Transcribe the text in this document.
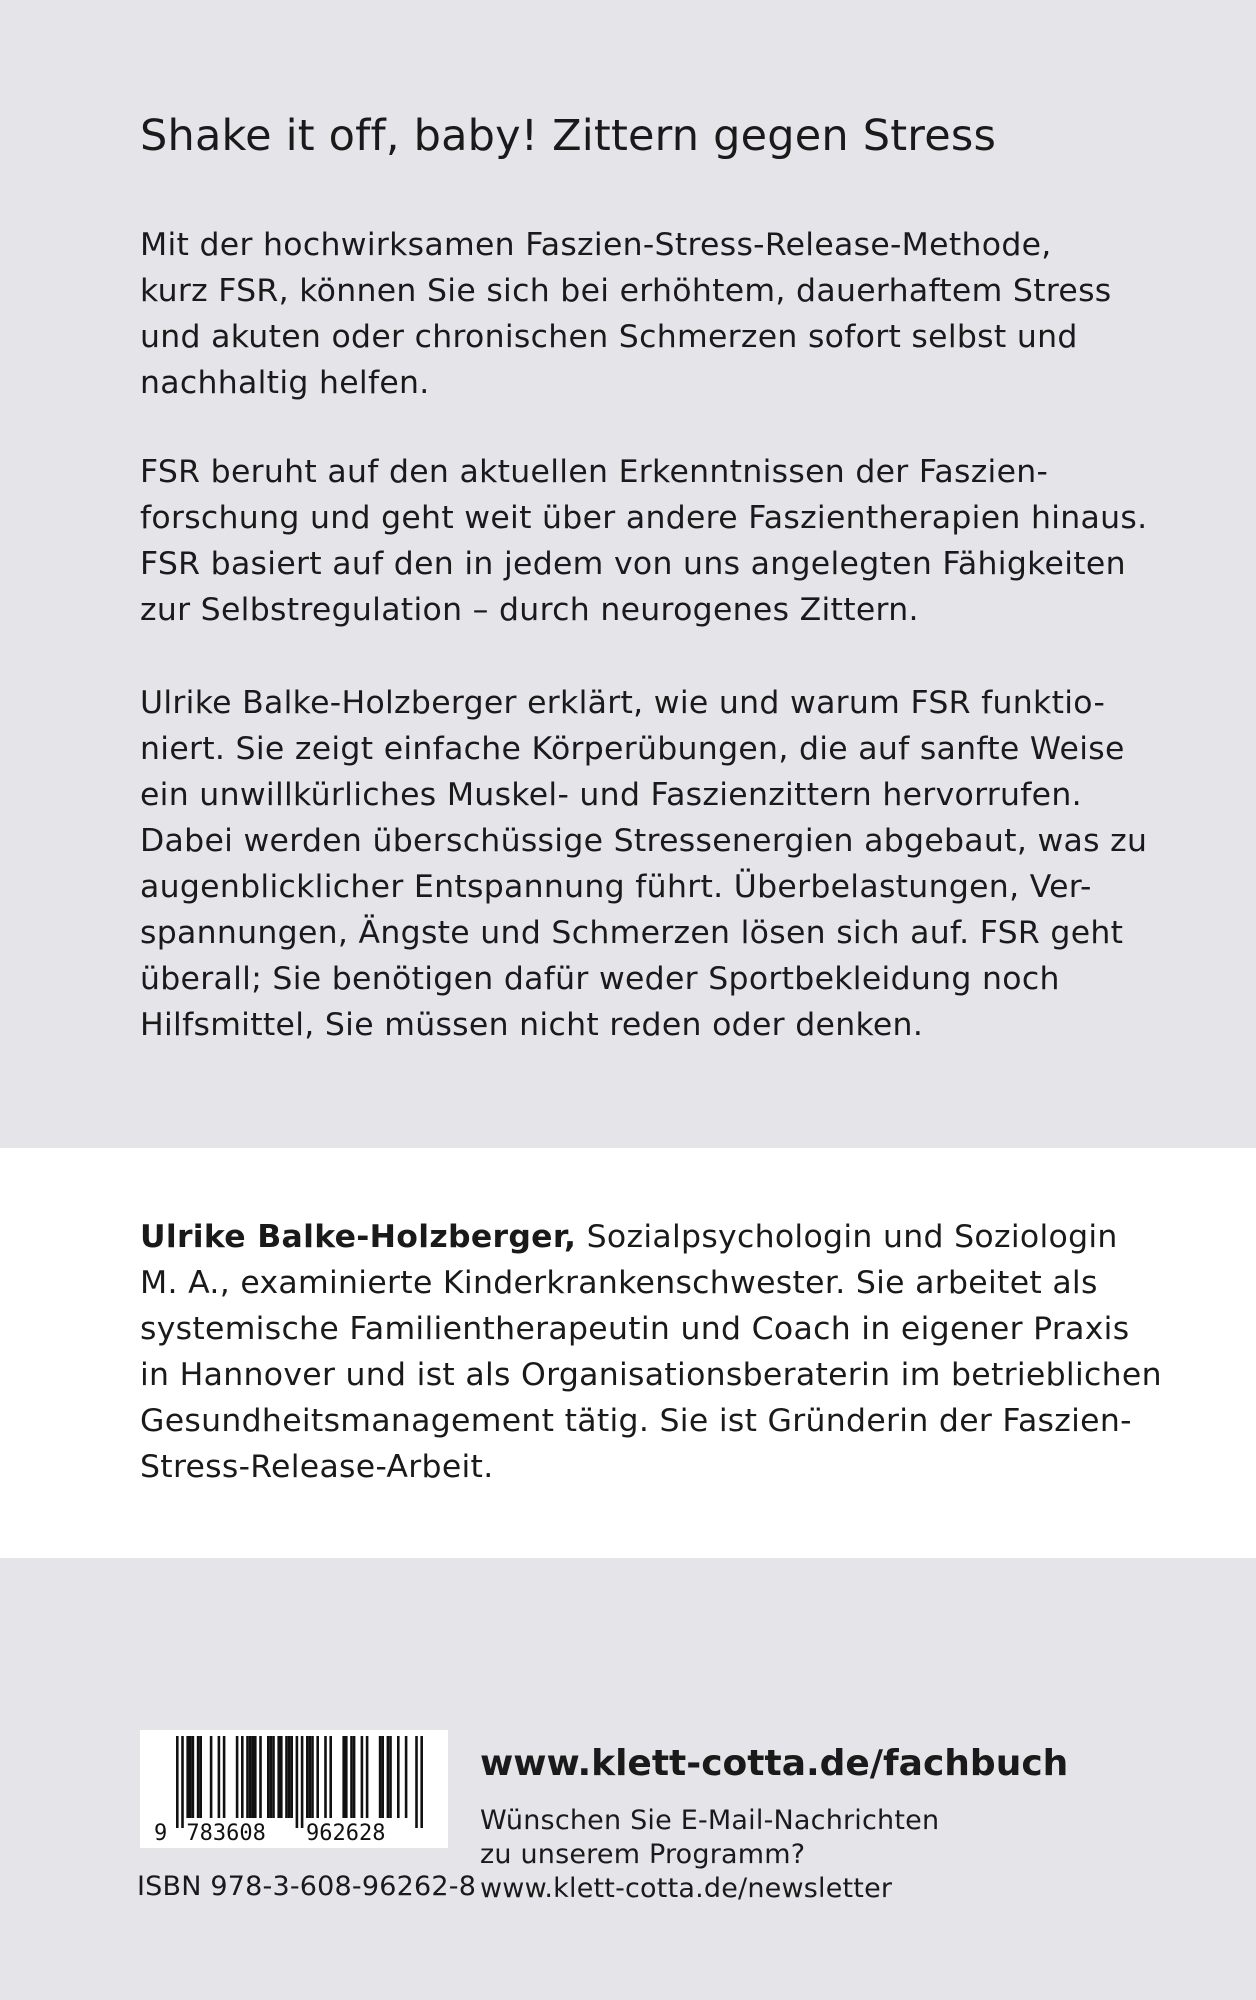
Shake it off, baby! Zittern gegen Stress

Mit der hochwirksamen Faszien-Stress-Release-Methode,
kurz FSR, können Sie sich bei erhöhtem, dauerhaftem Stress
und akuten oder chronischen Schmerzen sofort selbst und
nachhaltig helfen.

FSR beruht auf den aktuellen Erkenntnissen der Faszien-
forschung und geht weit über andere Faszientherapien hinaus.
FSR basiert auf den in jedem von uns angelegten Fähigkeiten
zur Selbstregulation – durch neurogenes Zittern.

Ulrike Balke-Holzberger erklärt, wie und warum FSR funktio-
niert. Sie zeigt einfache Körperübungen, die auf sanfte Weise
ein unwillkürliches Muskel- und Faszienzittern hervorrufen.
Dabei werden überschüssige Stressenergien abgebaut, was zu
augenblicklicher Entspannung führt. Überbelastungen, Ver-
spannungen, Ängste und Schmerzen lösen sich auf. FSR geht
überall; Sie benötigen dafür weder Sportbekleidung noch
Hilfsmittel, Sie müssen nicht reden oder denken.

Ulrike Balke-Holzberger, Sozialpsychologin und Soziologin
M. A., examinierte Kinderkrankenschwester. Sie arbeitet als
systemische Familientherapeutin und Coach in eigener Praxis
in Hannover und ist als Organisationsberaterin im betrieblichen
Gesundheitsmanagement tätig. Sie ist Gründerin der Faszien-
Stress-Release-Arbeit.

9 783608 962628
ISBN 978-3-608-96262-8
www.klett-cotta.de/fachbuch
Wünschen Sie E-Mail-Nachrichten
zu unserem Programm?
www.klett-cotta.de/newsletter
